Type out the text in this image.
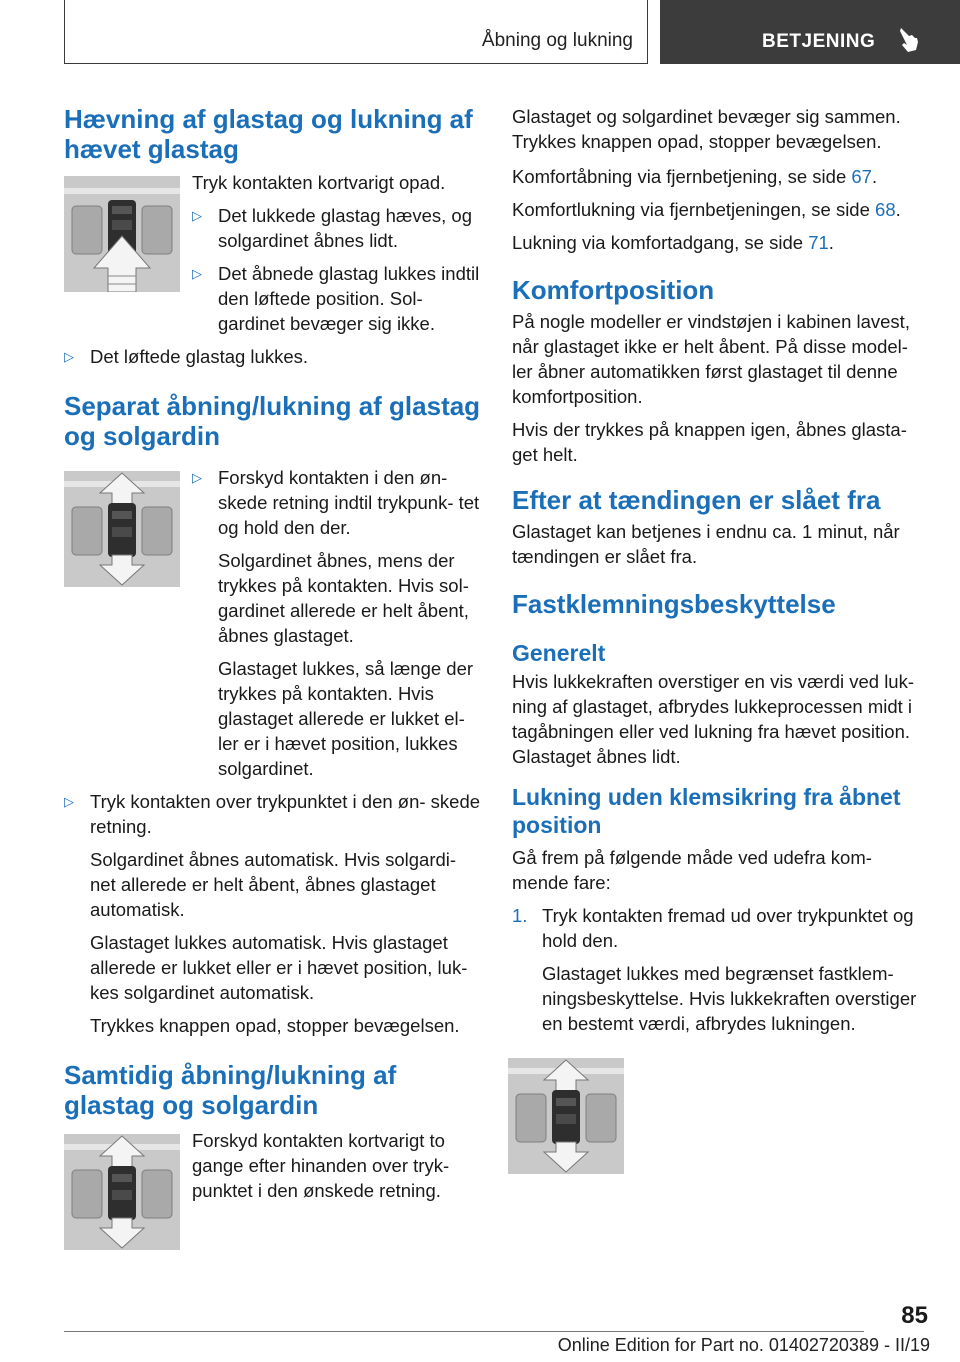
Åbning og lukning	BETJENING
Hævning af glastag og lukning af hævet glastag

Tryk kontakten kortvarigt opad.

▷ Det lukkede glastag hæves, og solgardinet åbnes lidt.

▷ Det åbnede glastag lukkes indtil den løftede position. Sol- gardinet bevæger sig ikke.

▷ Det løftede glastag lukkes.

Separat åbning/lukning af glastag og solgardin
▷ Forskyd kontakten i den øn- skede retning indtil trykpunk- tet og hold den der.

Solgardinet åbnes, mens der trykkes på kontakten. Hvis sol- gardinet allerede er helt åbent, åbnes glastaget.

Glastaget lukkes, så længe der trykkes på kontakten. Hvis glastaget allerede er lukket el- ler er i hævet position, lukkes solgardinet.

▷ Tryk kontakten over trykpunktet i den øn- skede retning.

Solgardinet åbnes automatisk. Hvis solgardi- net allerede er helt åbent, åbnes glastaget automatisk.

Glastaget lukkes automatisk. Hvis glastaget allerede er lukket eller er i hævet position, luk- kes solgardinet automatisk.

Trykkes knappen opad, stopper bevægelsen.

Samtidig åbning/lukning af glastag og solgardin

Forskyd kontakten kortvarigt to gange efter hinanden over tryk- punktet i den ønskede retning.

Glastaget og solgardinet bevæger sig sammen. Trykkes knappen opad, stopper bevægelsen.

Komfortåbning via fjernbetjening, se side 67.

Komfortlukning via fjernbetjeningen, se side 68.

Lukning via komfortadgang, se side 71.

Komfortposition

På nogle modeller er vindstøjen i kabinen lavest, når glastaget ikke er helt åbent. På disse model- ler åbner automatikken først glastaget til denne komfortposition.

Hvis der trykkes på knappen igen, åbnes glasta- get helt.

Efter at tændingen er slået fra

Glastaget kan betjenes i endnu ca. 1 minut, når tændingen er slået fra.

Fastklemningsbeskyttelse
Generelt

Hvis lukkekraften overstiger en vis værdi ved luk- ning af glastaget, afbrydes lukkeprocessen midt i tagåbningen eller ved lukning fra hævet position. Glastaget åbnes lidt.

Lukning uden klemsikring fra åbnet position

Gå frem på følgende måde ved udefra kom- mende fare:

1. Tryk kontakten fremad ud over trykpunktet og hold den.

Glastaget lukkes med begrænset fastklem- ningsbeskyttelse. Hvis lukkekraften overstiger en bestemt værdi, afbrydes lukningen.

85
Online Edition for Part no. 01402720389 - II/19
